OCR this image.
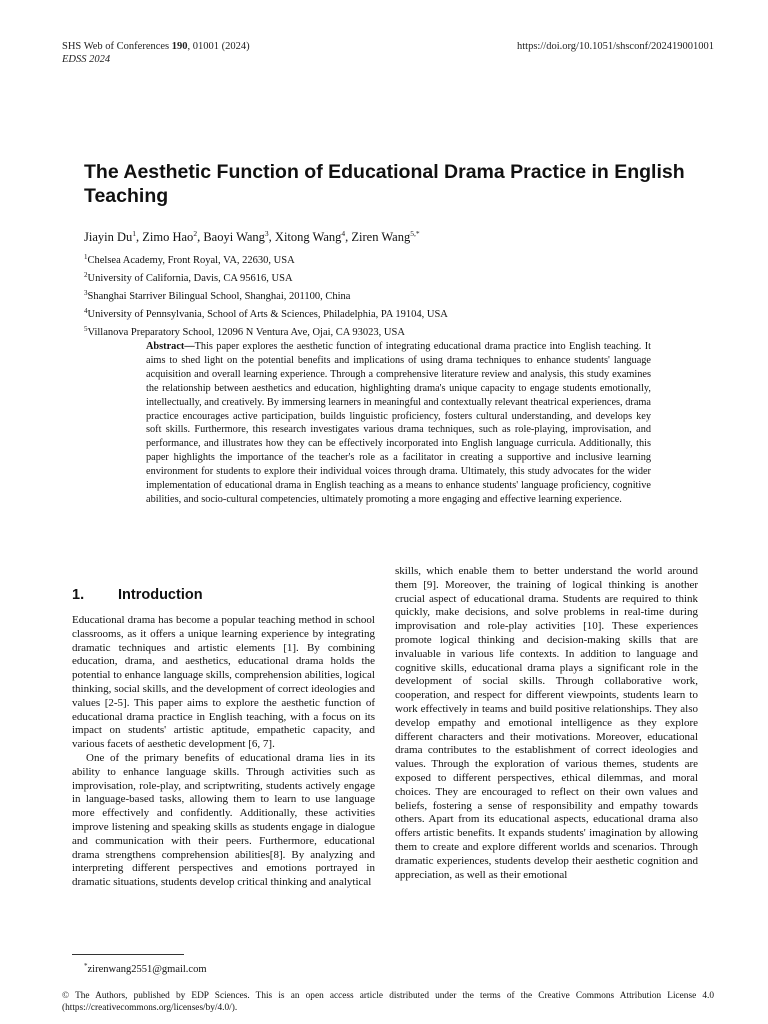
SHS Web of Conferences 190, 01001 (2024)
EDSS 2024
https://doi.org/10.1051/shsconf/202419001001
The Aesthetic Function of Educational Drama Practice in English Teaching
Jiayin Du$^1$, Zimo Hao$^2$, Baoyi Wang$^3$, Xitong Wang$^4$, Ziren Wang$^{5,*}$
$^1$Chelsea Academy, Front Royal, VA, 22630, USA
$^2$University of California, Davis, CA 95616, USA
$^3$Shanghai Starriver Bilingual School, Shanghai, 201100, China
$^4$University of Pennsylvania, School of Arts & Sciences, Philadelphia, PA 19104, USA
$^5$Villanova Preparatory School, 12096 N Ventura Ave, Ojai, CA 93023, USA
Abstract—This paper explores the aesthetic function of integrating educational drama practice into English teaching. It aims to shed light on the potential benefits and implications of using drama techniques to enhance students' language acquisition and overall learning experience. Through a comprehensive literature review and analysis, this study examines the relationship between aesthetics and education, highlighting drama's unique capacity to engage students emotionally, intellectually, and creatively. By immersing learners in meaningful and contextually relevant theatrical experiences, drama practice encourages active participation, builds linguistic proficiency, fosters cultural understanding, and develops key soft skills. Furthermore, this research investigates various drama techniques, such as role-playing, improvisation, and performance, and illustrates how they can be effectively incorporated into English language curricula. Additionally, this paper highlights the importance of the teacher's role as a facilitator in creating a supportive and inclusive learning environment for students to explore their individual voices through drama. Ultimately, this study advocates for the wider implementation of educational drama in English teaching as a means to enhance students' language proficiency, cognitive abilities, and socio-cultural competencies, ultimately promoting a more engaging and effective learning experience.
1. Introduction

Educational drama has become a popular teaching method in school classrooms, as it offers a unique learning experience by integrating dramatic techniques and artistic elements [1]. By combining education, drama, and aesthetics, educational drama holds the potential to enhance language skills, comprehension abilities, logical thinking, social skills, and the development of correct ideologies and values [2-5]. This paper aims to explore the aesthetic function of educational drama practice in English teaching, with a focus on its impact on students' artistic aptitude, empathetic capacity, and various facets of aesthetic development [6, 7].

One of the primary benefits of educational drama lies in its ability to enhance language skills. Through activities such as improvisation, role-play, and scriptwriting, students actively engage in language-based tasks, allowing them to learn to use language more effectively and confidently. Additionally, these activities improve listening and speaking skills as students engage in dialogue and communication with their peers. Furthermore, educational drama strengthens comprehension abilities[8]. By analyzing and interpreting different perspectives and emotions portrayed in dramatic situations, students develop critical thinking and analytical

skills, which enable them to better understand the world around them [9]. Moreover, the training of logical thinking is another crucial aspect of educational drama. Students are required to think quickly, make decisions, and solve problems in real-time during improvisation and role-play activities [10]. These experiences promote logical thinking and decision-making skills that are invaluable in various life contexts. In addition to language and cognitive skills, educational drama plays a significant role in the development of social skills. Through collaborative work, cooperation, and respect for different viewpoints, students learn to work effectively in teams and build positive relationships. They also develop empathy and emotional intelligence as they explore different characters and their motivations. Moreover, educational drama contributes to the establishment of correct ideologies and values. Through the exploration of various themes, students are exposed to different perspectives, ethical dilemmas, and moral choices. They are encouraged to reflect on their own values and beliefs, fostering a sense of responsibility and empathy towards others. Apart from its educational aspects, educational drama also offers artistic benefits. It expands students' imagination by allowing them to create and explore different worlds and scenarios. Through dramatic experiences, students develop their aesthetic cognition and appreciation, as well as their emotional

*zirenwang2551@gmail.com
© The Authors, published by EDP Sciences. This is an open access article distributed under the terms of the Creative Commons Attribution License 4.0 (https://creativecommons.org/licenses/by/4.0/).
